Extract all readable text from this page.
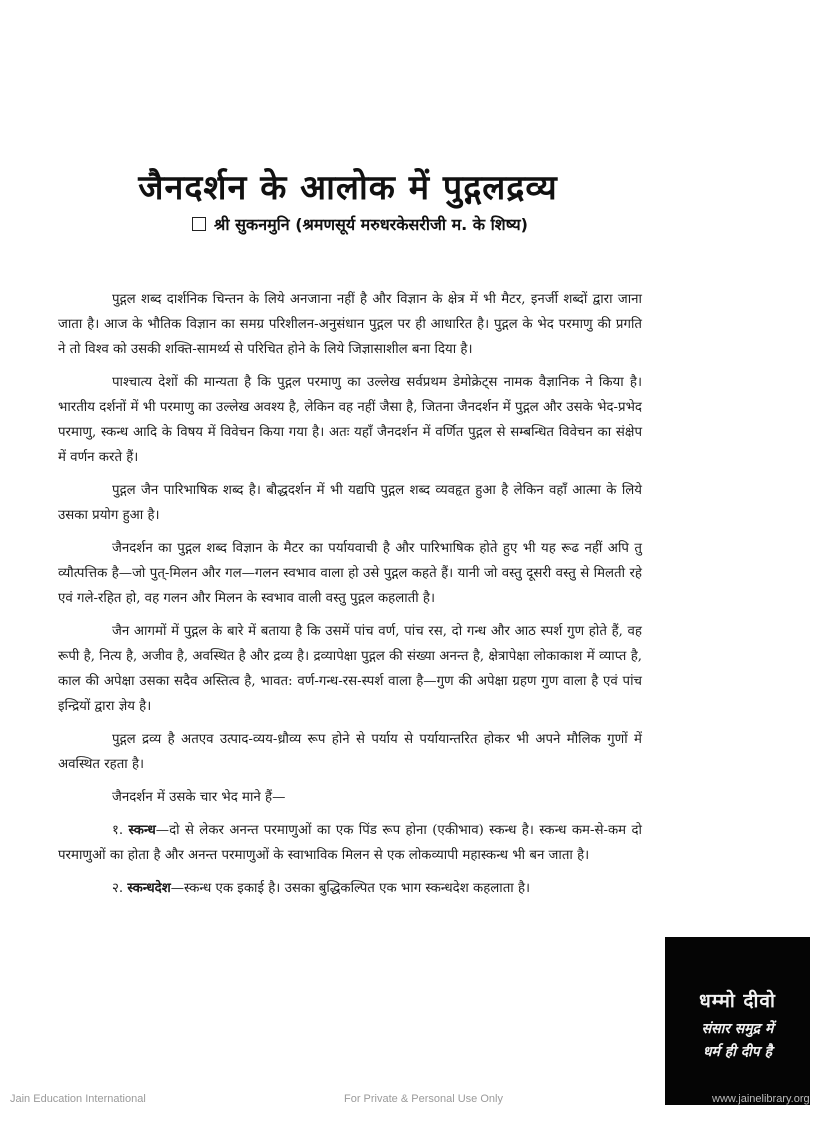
जैनदर्शन के आलोक में पुद्गलद्रव्य
श्री सुकनमुनि (श्रमणसूर्य मरुधरकेसरीजी म. के शिष्य)

पुद्गल शब्द दार्शनिक चिन्तन के लिये अनजाना नहीं है और विज्ञान के क्षेत्र में भी मैटर, इनर्जी शब्दों द्वारा जाना जाता है। आज के भौतिक विज्ञान का समग्र परिशीलन-अनुसंधान पुद्गल पर ही आधारित है। पुद्गल के भेद परमाणु की प्रगति ने तो विश्व को उसकी शक्ति-सामर्थ्य से परिचित होने के लिये जिज्ञासाशील बना दिया है।

पाश्चात्य देशों की मान्यता है कि पुद्गल परमाणु का उल्लेख सर्वप्रथम डेमोक्रेट्स नामक वैज्ञानिक ने किया है। भारतीय दर्शनों में भी परमाणु का उल्लेख अवश्य है, लेकिन वह नहीं जैसा है, जितना जैनदर्शन में पुद्गल और उसके भेद-प्रभेद परमाणु, स्कन्ध आदि के विषय में विवेचन किया गया है। अतः यहाँ जैनदर्शन में वर्णित पुद्गल से सम्बन्धित विवेचन का संक्षेप में वर्णन करते हैं।

पुद्गल जैन पारिभाषिक शब्द है। बौद्धदर्शन में भी यद्यपि पुद्गल शब्द व्यवहृत हुआ है लेकिन वहाँ आत्मा के लिये उसका प्रयोग हुआ है।

जैनदर्शन का पुद्गल शब्द विज्ञान के मैटर का पर्यायवाची है और पारिभाषिक होते हुए भी यह रूढ नहीं अपि तु व्यौत्पत्तिक है—जो पुत्-मिलन और गल—गलन स्वभाव वाला हो उसे पुद्गल कहते हैं। यानी जो वस्तु दूसरी वस्तु से मिलती रहे एवं गले-रहित हो, वह गलन और मिलन के स्वभाव वाली वस्तु पुद्गल कहलाती है।

जैन आगमों में पुद्गल के बारे में बताया है कि उसमें पांच वर्ण, पांच रस, दो गन्ध और आठ स्पर्श गुण होते हैं, वह रूपी है, नित्य है, अजीव है, अवस्थित है और द्रव्य है। द्रव्यापेक्षा पुद्गल की संख्या अनन्त है, क्षेत्रापेक्षा लोकाकाश में व्याप्त है, काल की अपेक्षा उसका सदैव अस्तित्व है, भावत: वर्ण-गन्ध-रस-स्पर्श वाला है—गुण की अपेक्षा ग्रहण गुण वाला है एवं पांच इन्द्रियों द्वारा ज्ञेय है।

पुद्गल द्रव्य है अतएव उत्पाद-व्यय-ध्रौव्य रूप होने से पर्याय से पर्यायान्तरित होकर भी अपने मौलिक गुणों में अवस्थित रहता है।

जैनदर्शन में उसके चार भेद माने हैं—

१. स्कन्ध—दो से लेकर अनन्त परमाणुओं का एक पिंड रूप होना (एकीभाव) स्कन्ध है। स्कन्ध कम-से-कम दो परमाणुओं का होता है और अनन्त परमाणुओं के स्वाभाविक मिलन से एक लोकव्यापी महास्कन्ध भी बन जाता है।

२. स्कन्धदेश—स्कन्ध एक इकाई है। उसका बुद्धिकल्पित एक भाग स्कन्धदेश कहलाता है।

धम्मो दीवो
संसार समुद्र में
धर्म ही दीप है
Jain Education International	For Private & Personal Use Only	www.jainelibrary.org
